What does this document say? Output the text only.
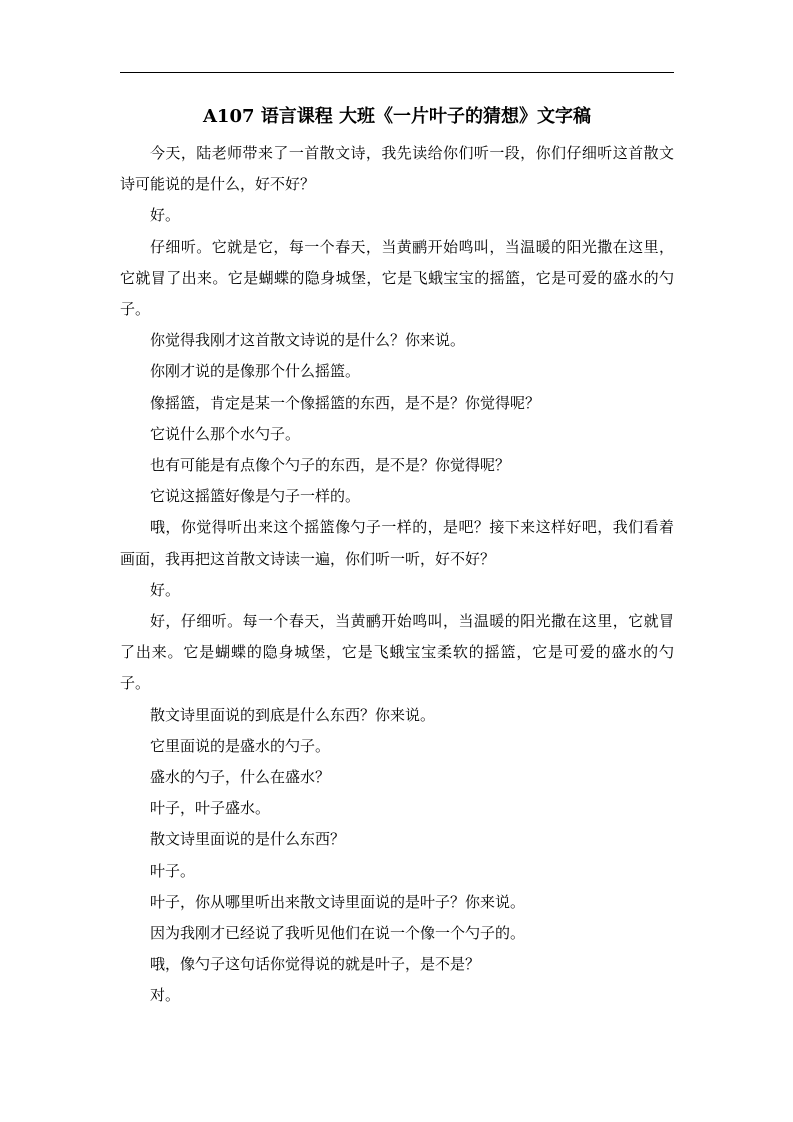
A107 语言课程 大班《一片叶子的猜想》文字稿

今天，陆老师带来了一首散文诗，我先读给你们听一段，你们仔细听这首散文诗可能说的是什么，好不好？

好。

仔细听。它就是它，每一个春天，当黄鹂开始鸣叫，当温暖的阳光撒在这里，它就冒了出来。它是蝴蝶的隐身城堡，它是飞蛾宝宝的摇篮，它是可爱的盛水的勺子。

你觉得我刚才这首散文诗说的是什么？你来说。

你刚才说的是像那个什么摇篮。

像摇篮，肯定是某一个像摇篮的东西，是不是？你觉得呢？

它说什么那个水勺子。

也有可能是有点像个勺子的东西，是不是？你觉得呢？

它说这摇篮好像是勺子一样的。

哦，你觉得听出来这个摇篮像勺子一样的，是吧？接下来这样好吧，我们看着画面，我再把这首散文诗读一遍，你们听一听，好不好？

好。

好，仔细听。每一个春天，当黄鹂开始鸣叫，当温暖的阳光撒在这里，它就冒了出来。它是蝴蝶的隐身城堡，它是飞蛾宝宝柔软的摇篮，它是可爱的盛水的勺子。

散文诗里面说的到底是什么东西？你来说。

它里面说的是盛水的勺子。

盛水的勺子，什么在盛水？

叶子，叶子盛水。

散文诗里面说的是什么东西？

叶子。

叶子，你从哪里听出来散文诗里面说的是叶子？你来说。

因为我刚才已经说了我听见他们在说一个像一个勺子的。

哦，像勺子这句话你觉得说的就是叶子，是不是？

对。
